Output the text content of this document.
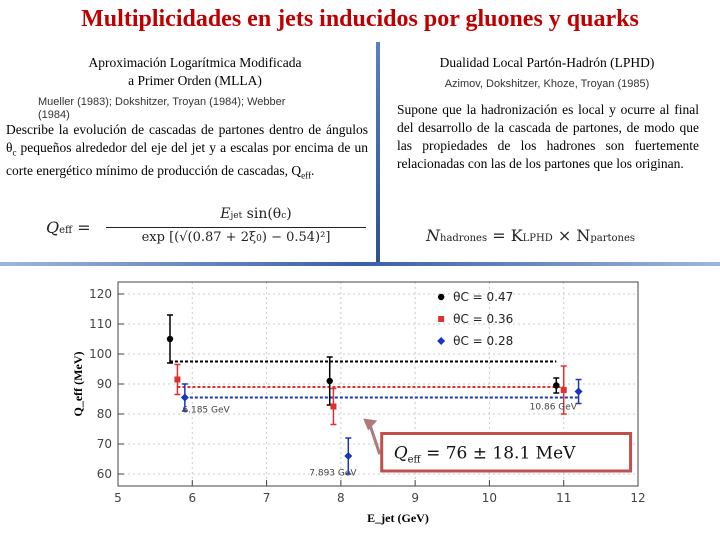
Multiplicidades en jets inducidos por gluones y quarks
Aproximación Logarítmica Modificada
a Primer Orden (MLLA)
Mueller (1983); Dokshitzer, Troyan (1984); Webber
(1984)
Describe la evolución de cascadas de partones dentro de ángulos $\theta_c$ pequeños alrededor del eje del jet y a escalas por encima de un corte energético mínimo de producción de cascadas, $Q_{eff}$.
Qeff =
Ejet sin(θc)
exp [(√(0.87 + 2ξ0) − 0.54)²]
Dualidad Local Partón-Hadrón (LPHD)
Azimov, Dokshitzer, Khoze, Troyan (1985)
Supone que la hadronización es local y ocurre al final del desarrollo de la cascada de partones, de modo que las propiedades de los hadrones son fuertemente relacionadas con las de los partones que los originan.
Nhadrones = KLPHD × Npartones
5	6	7	8	9	10	11	12
60
70
80
90
100
110
120
E_jet (GeV)
Q_eff (MeV)
θC = 0.47
θC = 0.36
θC = 0.28
6.185 GeV
7.893 GeV
10.86 GeV
$Q_{eff} = 76 \pm 18.1$ MeV
